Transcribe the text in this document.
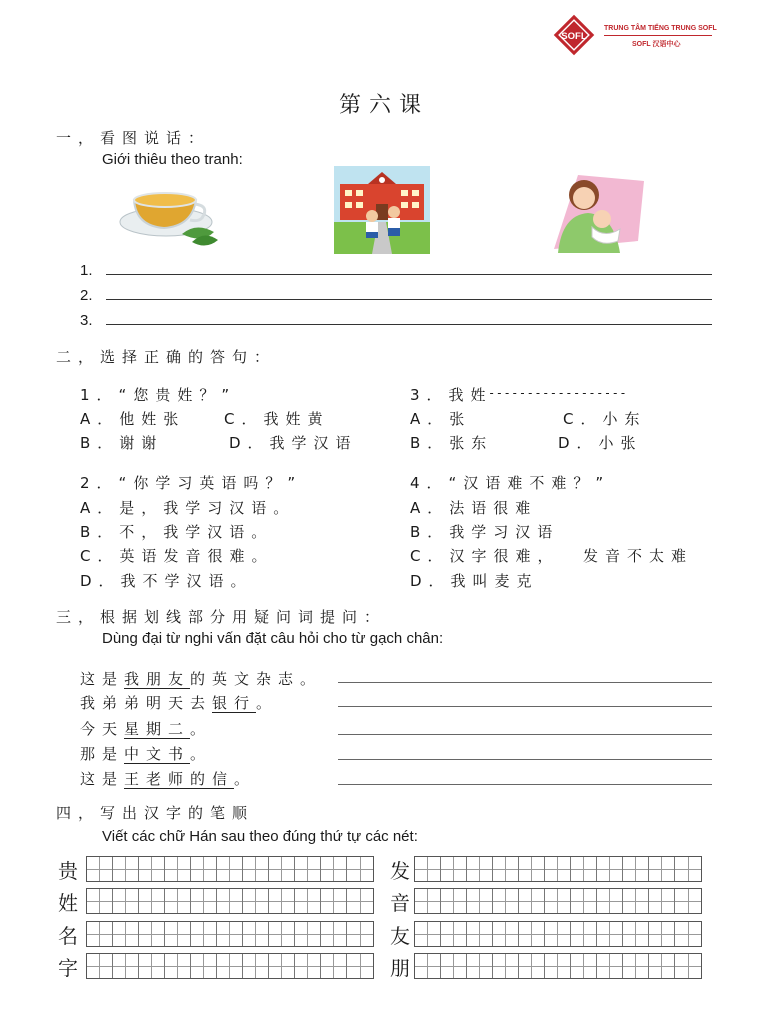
SOFL
TRUNG TÂM TIẾNG TRUNG SOFL
SOFL 汉语中心
第六课
一，看图说话：
Giới thiêu theo tranh:
1.
2.
3.
二，选择正确的答句：
1．“您贵姓？”
A．他姓张	C．我姓黄
B．谢谢	D．我学汉语
3．我姓
------------------
A．张	C．小东
B．张东	D．小张
2．“你学习英语吗？”
A．是，我学习汉语。
B．不，我学汉语。
C．英语发音很难。
D．我不学汉语。
4．“汉语难不难？”
A．法语很难
B．我学习汉语
C．汉字很难，  发音不太难
D．我叫麦克
三，根据划线部分用疑问词提问：
Dùng đại từ nghi vấn đặt câu hỏi cho từ gạch chân:
这是我朋友的英文杂志。
我弟弟明天去银行。
今天星期二。
那是中文书。
这是王老师的信。
四，写出汉字的笔顺
Viết các chữ Hán sau theo đúng thứ tự các nét:
贵
姓
名
字
发
音
友
朋
